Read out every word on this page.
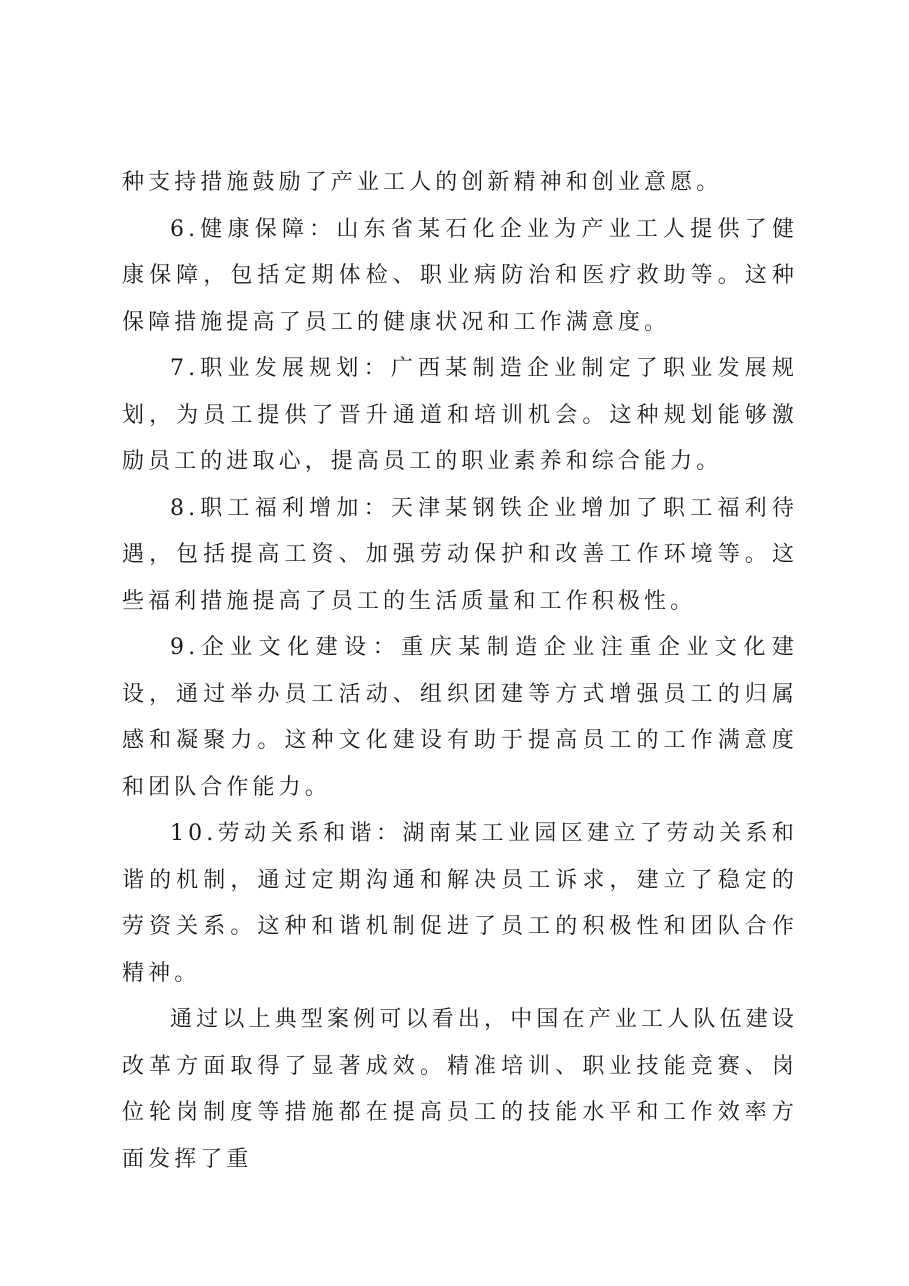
种支持措施鼓励了产业工人的创新精神和创业意愿。

6.健康保障：山东省某石化企业为产业工人提供了健康保障，包括定期体检、职业病防治和医疗救助等。这种保障措施提高了员工的健康状况和工作满意度。

7.职业发展规划：广西某制造企业制定了职业发展规划，为员工提供了晋升通道和培训机会。这种规划能够激励员工的进取心，提高员工的职业素养和综合能力。

8.职工福利增加：天津某钢铁企业增加了职工福利待遇，包括提高工资、加强劳动保护和改善工作环境等。这些福利措施提高了员工的生活质量和工作积极性。

9.企业文化建设：重庆某制造企业注重企业文化建设，通过举办员工活动、组织团建等方式增强员工的归属感和凝聚力。这种文化建设有助于提高员工的工作满意度和团队合作能力。

10.劳动关系和谐：湖南某工业园区建立了劳动关系和谐的机制，通过定期沟通和解决员工诉求，建立了稳定的劳资关系。这种和谐机制促进了员工的积极性和团队合作精神。

通过以上典型案例可以看出，中国在产业工人队伍建设改革方面取得了显著成效。精准培训、职业技能竞赛、岗位轮岗制度等措施都在提高员工的技能水平和工作效率方面发挥了重
